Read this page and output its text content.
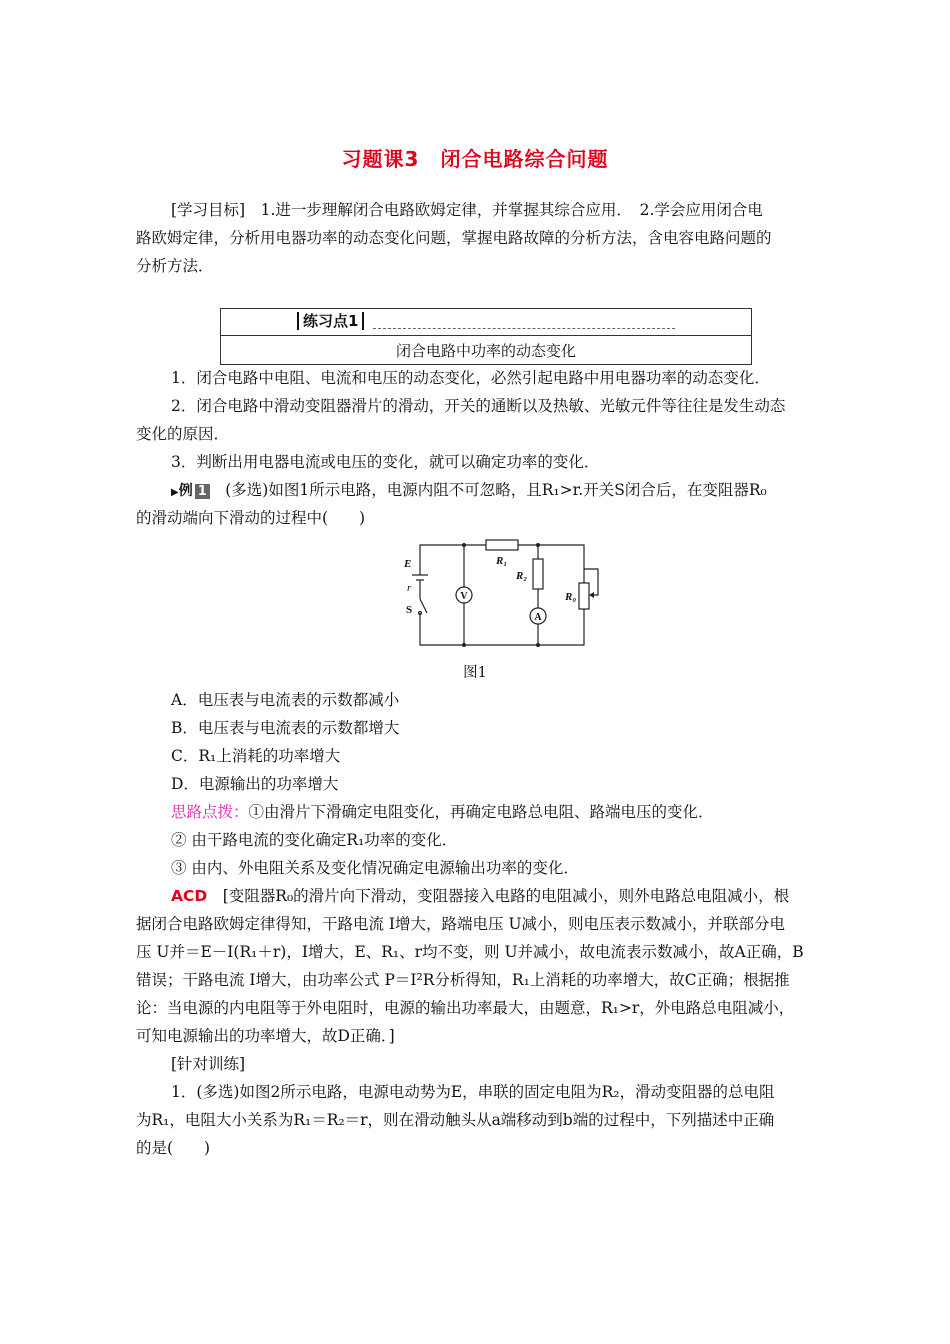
习题课3　闭合电路综合问题
[学习目标]　1.进一步理解闭合电路欧姆定律，并掌握其综合应用．　2.学会应用闭合电
路欧姆定律，分析用电器功率的动态变化问题，掌握电路故障的分析方法，含电容电路问题的
分析方法．
练习点1
闭合电路中功率的动态变化
1．闭合电路中电阻、电流和电压的动态变化，必然引起电路中用电器功率的动态变化．
2．闭合电路中滑动变阻器滑片的滑动，开关的通断以及热敏、光敏元件等往往是发生动态
变化的原因．
3．判断出用电器电流或电压的变化，就可以确定功率的变化．
▶例 1　(多选)如图1所示电路，电源内阻不可忽略，且R₁>r.开关S闭合后，在变阻器R₀
的滑动端向下滑动的过程中(　　)
V
A
E
r
S
R₁
R₂
R₀
图1
A．电压表与电流表的示数都减小
B．电压表与电流表的示数都增大
C．R₁上消耗的功率增大
D．电源输出的功率增大
思路点拨：①由滑片下滑确定电阻变化，再确定电路总电阻、路端电压的变化．
② 由干路电流的变化确定R₁功率的变化．
③ 由内、外电阻关系及变化情况确定电源输出功率的变化．
ACD　[变阻器R₀的滑片向下滑动，变阻器接入电路的电阻减小，则外电路总电阻减小，根
据闭合电路欧姆定律得知，干路电流 I增大，路端电压 U减小，则电压表示数减小，并联部分电
压 U并＝E－I(R₁＋r)，I增大，E、R₁、r均不变，则 U并减小，故电流表示数减小，故A正确，B
错误；干路电流 I增大，由功率公式 P＝I²R分析得知，R₁上消耗的功率增大，故C正确；根据推
论：当电源的内电阻等于外电阻时，电源的输出功率最大，由题意，R₁>r，外电路总电阻减小，
可知电源输出的功率增大，故D正确．]
[针对训练]
1．(多选)如图2所示电路，电源电动势为E，串联的固定电阻为R₂，滑动变阻器的总电阻
为R₁，电阻大小关系为R₁＝R₂＝r，则在滑动触头从a端移动到b端的过程中，下列描述中正确
的是(　　)
